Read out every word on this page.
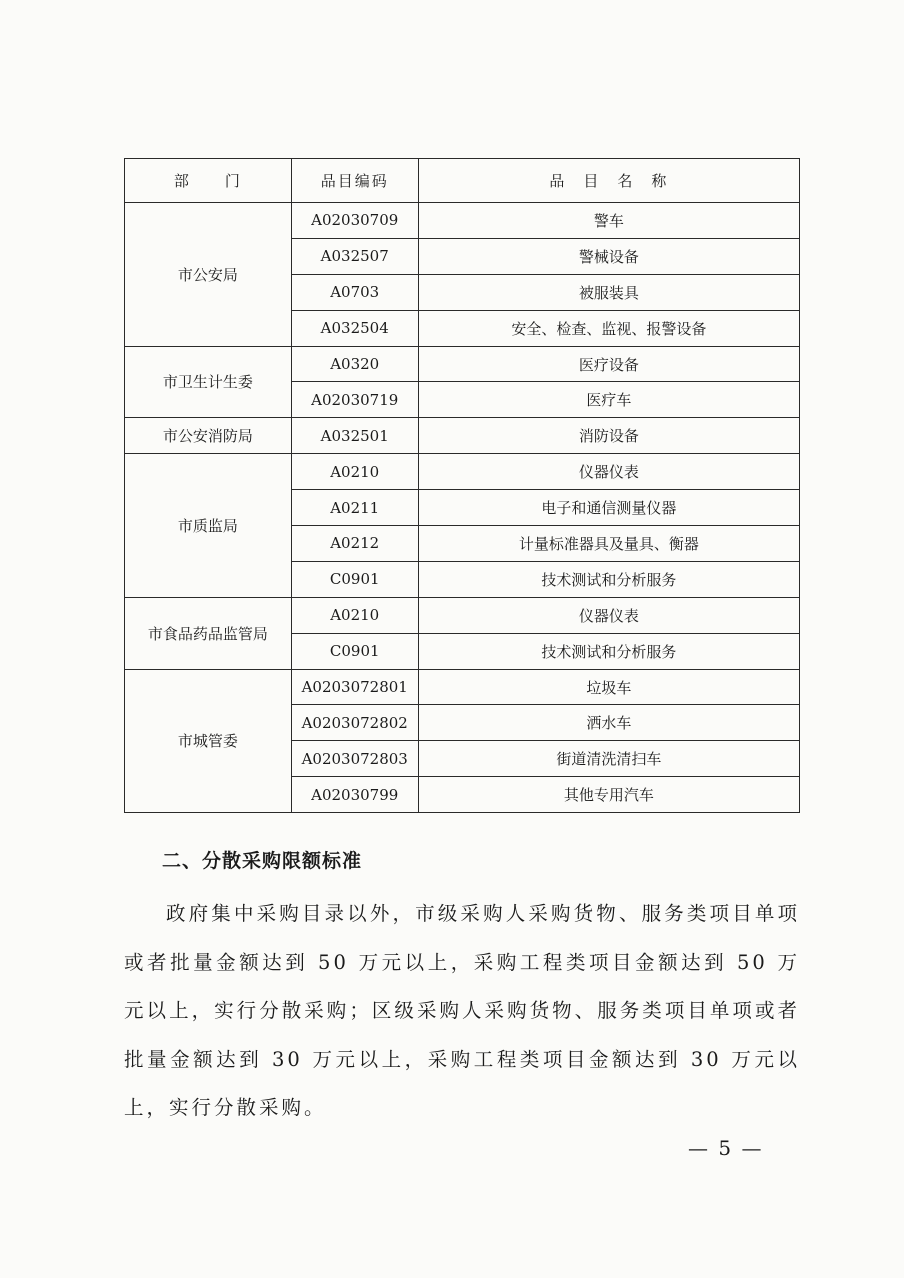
部　　门	品目编码	品　目　名　称
市公安局	A02030709	警车
	A032507	警械设备
	A0703	被服装具
	A032504	安全、检查、监视、报警设备
市卫生计生委	A0320	医疗设备
	A02030719	医疗车
市公安消防局	A032501	消防设备
市质监局	A0210	仪器仪表
	A0211	电子和通信测量仪器
	A0212	计量标准器具及量具、衡器
	C0901	技术测试和分析服务
市食品药品监管局	A0210	仪器仪表
	C0901	技术测试和分析服务
市城管委	A0203072801	垃圾车
	A0203072802	洒水车
	A0203072803	街道清洗清扫车
	A02030799	其他专用汽车
二、分散采购限额标准
政府集中采购目录以外，市级采购人采购货物、服务类项目单项或者批量金额达到 50 万元以上，采购工程类项目金额达到 50 万元以上，实行分散采购；区级采购人采购货物、服务类项目单项或者批量金额达到 30 万元以上，采购工程类项目金额达到 30 万元以上，实行分散采购。
— 5 —
